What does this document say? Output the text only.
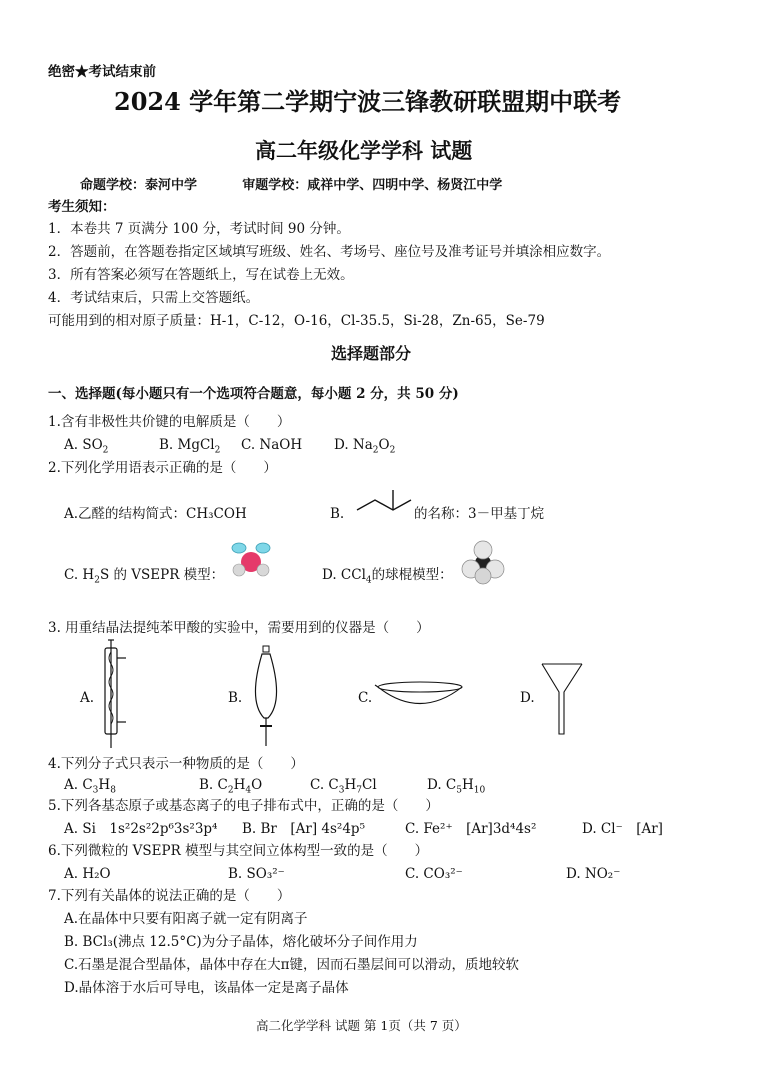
绝密★考试结束前
2024 学年第二学期宁波三锋教研联盟期中联考
高二年级化学学科 试题
命题学校：泰河中学          审题学校：咸祥中学、四明中学、杨贤江中学
考生须知：
1．本卷共 7 页满分 100 分，考试时间 90 分钟。
2．答题前，在答题卷指定区域填写班级、姓名、考场号、座位号及准考证号并填涂相应数字。
3．所有答案必须写在答题纸上，写在试卷上无效。
4．考试结束后，只需上交答题纸。
可能用到的相对原子质量：H-1，C-12，O-16，Cl-35.5，Si-28，Zn-65，Se-79
选择题部分
一、选择题(每小题只有一个选项符合题意，每小题 2 分，共 50 分)
1.含有非极性共价键的电解质是（　　）
A. $SO_2$	B. MgCl$_2$ C. NaOH D. $Na_2O_2$
2.下列化学用语表示正确的是（　　）
A.乙醛的结构简式：CH₃COH	B.	的名称：3－甲基丁烷
C. $H_2S$ 的 VSEPR 模型：	D. CCl$_4$的球棍模型：
3. 用重结晶法提纯苯甲酸的实验中，需要用到的仪器是（　　）
A.	B.	C.	D.
4.下列分子式只表示一种物质的是（　　）
A. $C_3H_8$	B. $C_2H_4O$	C. $C_3H_7Cl$	D. $C_5H_{10}$
5.下列各基态原子或基态离子的电子排布式中，正确的是（　　）
A. Si　1s²2s²2p⁶3s²3p⁴ B. Br　[Ar] 4s²4p⁵	C. Fe²⁺　[Ar]3d⁴4s²	D. Cl⁻　[Ar]
6.下列微粒的 VSEPR 模型与其空间立体构型一致的是（　　）
A. H₂O	B. SO₃²⁻	C. CO₃²⁻	D. NO₂⁻
7.下列有关晶体的说法正确的是（　　）
A.在晶体中只要有阳离子就一定有阴离子
B. BCl₃(沸点 12.5°C)为分子晶体，熔化破坏分子间作用力
C.石墨是混合型晶体，晶体中存在大π键，因而石墨层间可以滑动，质地较软
D.晶体溶于水后可导电，该晶体一定是离子晶体
高二化学学科 试题 第 1页（共 7 页）
